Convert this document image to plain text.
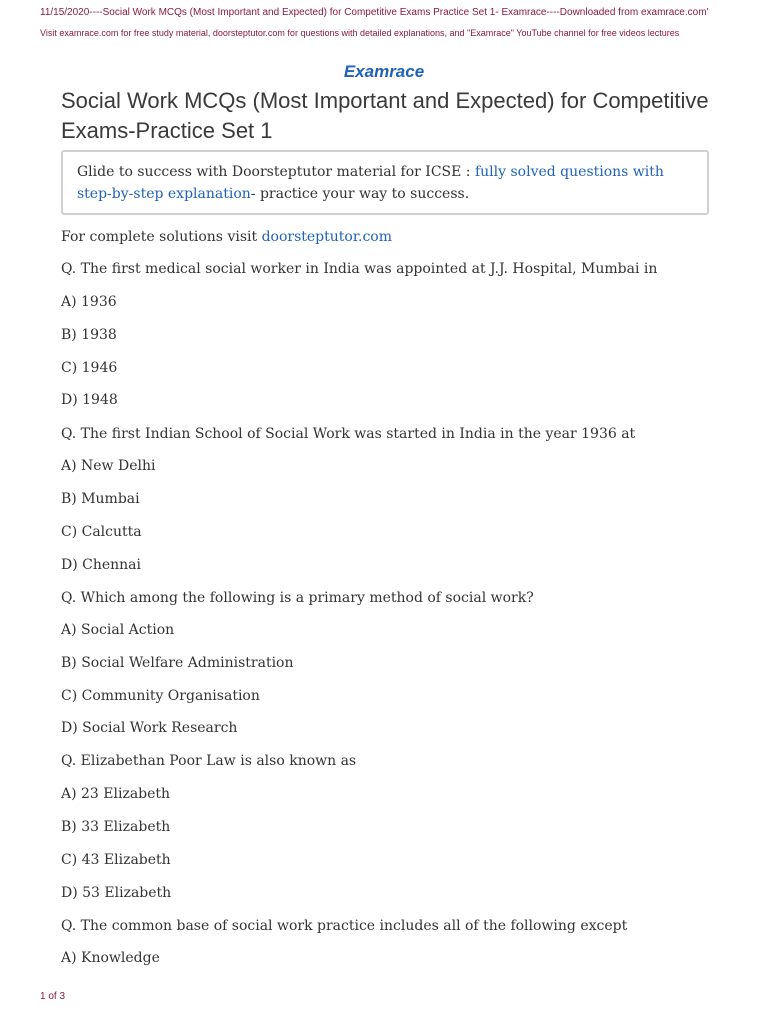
11/15/2020----Social Work MCQs (Most Important and Expected) for Competitive Exams Practice Set 1- Examrace----Downloaded from examrace.com'
Visit examrace.com for free study material, doorsteptutor.com for questions with detailed explanations, and "Examrace" YouTube channel for free videos lectures
Examrace
Social Work MCQs (Most Important and Expected) for Competitive Exams-Practice Set 1
Glide to success with Doorsteptutor material for ICSE : fully solved questions with step-by-step explanation- practice your way to success.
For complete solutions visit doorsteptutor.com
Q. The first medical social worker in India was appointed at J.J. Hospital, Mumbai in
A) 1936
B) 1938
C) 1946
D) 1948
Q. The first Indian School of Social Work was started in India in the year 1936 at
A) New Delhi
B) Mumbai
C) Calcutta
D) Chennai
Q. Which among the following is a primary method of social work?
A) Social Action
B) Social Welfare Administration
C) Community Organisation
D) Social Work Research
Q. Elizabethan Poor Law is also known as
A) 23 Elizabeth
B) 33 Elizabeth
C) 43 Elizabeth
D) 53 Elizabeth
Q. The common base of social work practice includes all of the following except
A) Knowledge
1 of 3
